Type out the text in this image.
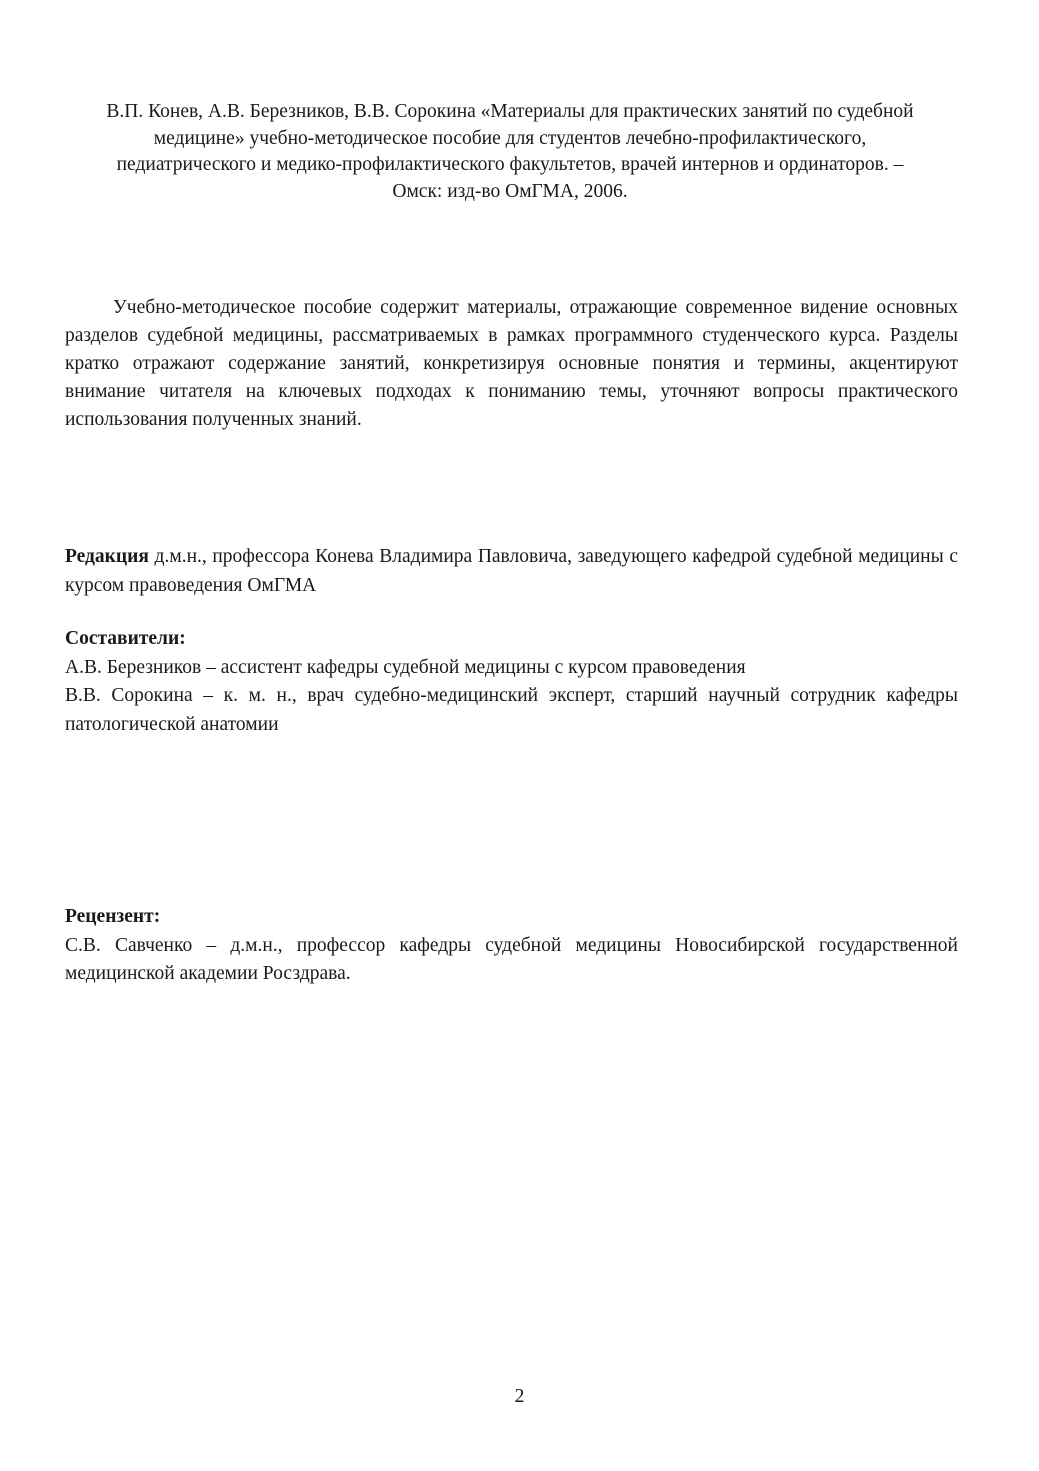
В.П. Конев, А.В. Березников, В.В. Сорокина «Материалы для практических занятий по судебной
медицине» учебно-методическое пособие для студентов лечебно-профилактического,
педиатрического и медико-профилактического факультетов, врачей интернов и ординаторов. –
Омск: изд-во ОмГМА, 2006.

Учебно-методическое пособие содержит материалы, отражающие современное видение основных разделов судебной медицины, рассматриваемых в рамках программного студенческого курса. Разделы кратко отражают содержание занятий, конкретизируя основные понятия и термины, акцентируют внимание читателя на ключевых подходах к пониманию темы, уточняют вопросы практического использования полученных знаний.

Редакция д.м.н., профессора Конева Владимира Павловича, заведующего кафедрой судебной медицины с курсом правоведения ОмГМА

Составители:
А.В. Березников – ассистент кафедры судебной медицины с курсом правоведения
В.В. Сорокина – к. м. н., врач судебно-медицинский эксперт, старший научный сотрудник кафедры патологической анатомии
Рецензент:
С.В. Савченко – д.м.н., профессор кафедры судебной медицины Новосибирской государственной медицинской академии Росздрава.

2
